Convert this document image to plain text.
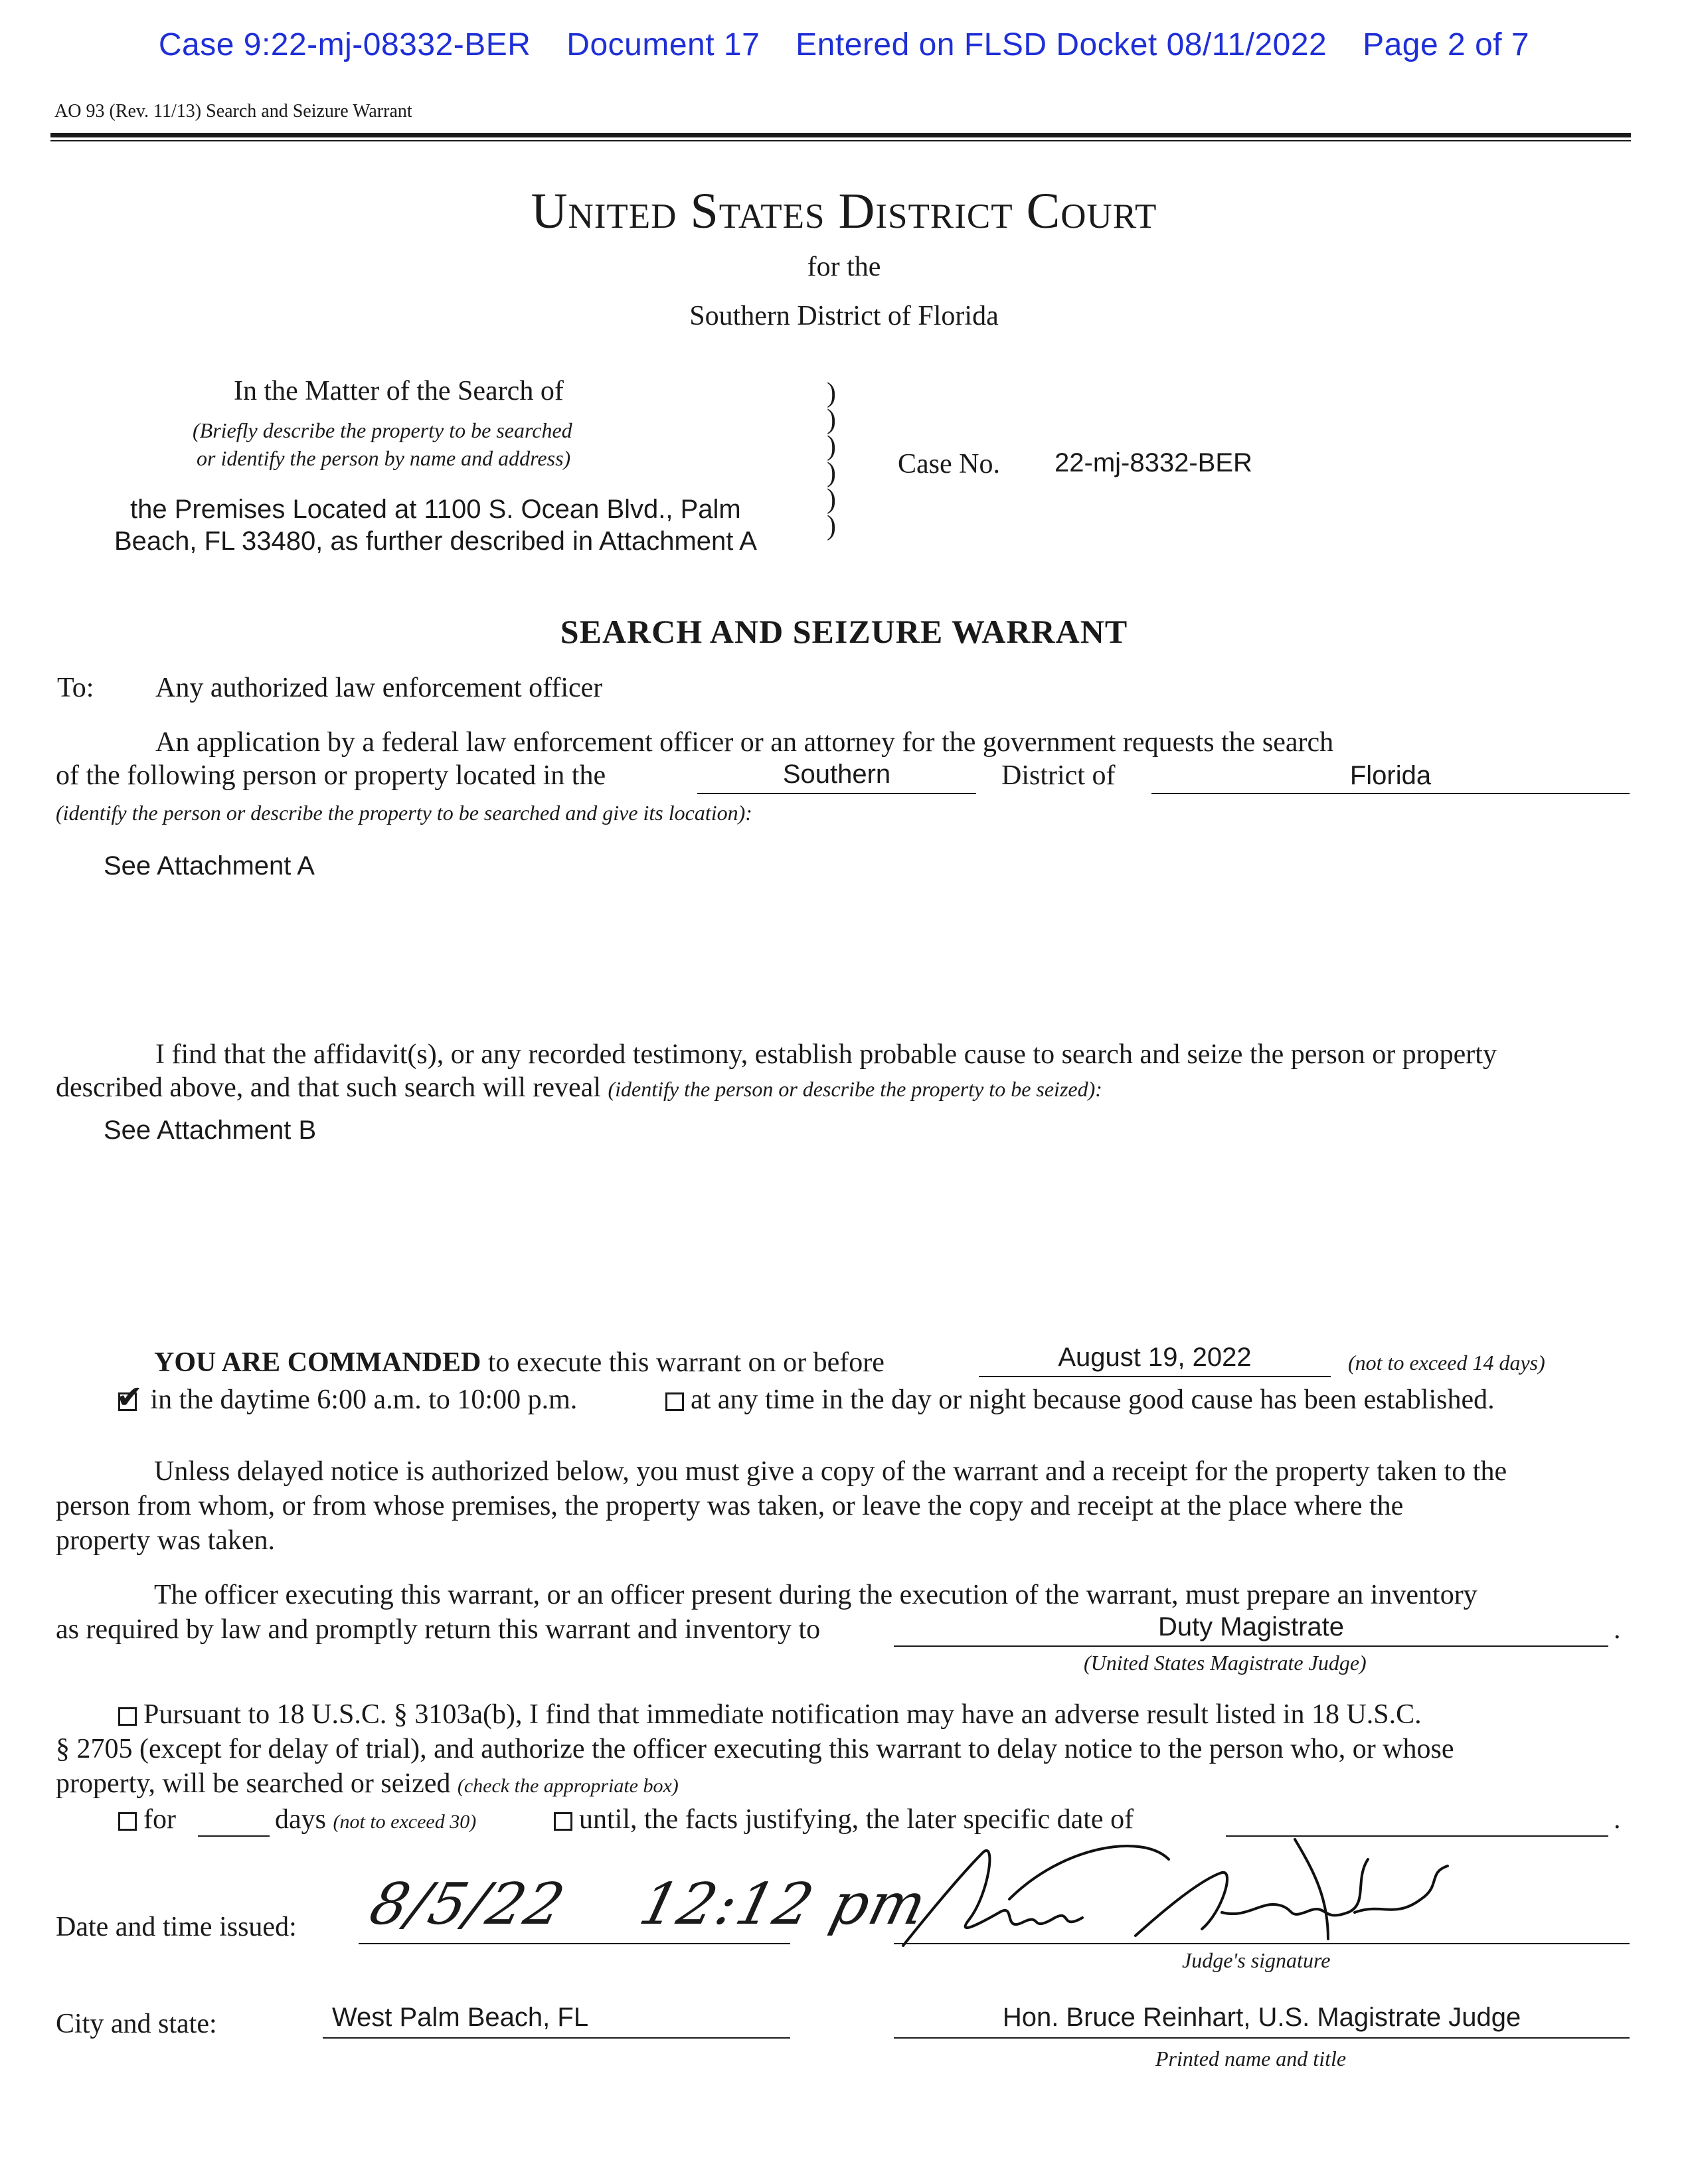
Case 9:22-mj-08332-BER Document 17 Entered on FLSD Docket 08/11/2022 Page 2 of 7
AO 93 (Rev. 11/13) Search and Seizure Warrant
United States District Court
for the
Southern District of Florida
In the Matter of the Search of
(Briefly describe the property to be searched
or identify the person by name and address)
the Premises Located at 1100 S. Ocean Blvd., Palm
Beach, FL 33480, as further described in Attachment A
)
)
)
)
)
)
Case No. 22-mj-8332-BER
SEARCH AND SEIZURE WARRANT
To: Any authorized law enforcement officer
An application by a federal law enforcement officer or an attorney for the government requests the search
of the following person or property located in the	Southern	District of	Florida
(identify the person or describe the property to be searched and give its location):
See Attachment A
I find that the affidavit(s), or any recorded testimony, establish probable cause to search and seize the person or property
described above, and that such search will reveal (identify the person or describe the property to be seized):
See Attachment B
YOU ARE COMMANDED to execute this warrant on or before	August 19, 2022	(not to exceed 14 days)
✔ in the daytime 6:00 a.m. to 10:00 p.m.	at any time in the day or night because good cause has been established.
Unless delayed notice is authorized below, you must give a copy of the warrant and a receipt for the property taken to the
person from whom, or from whose premises, the property was taken, or leave the copy and receipt at the place where the
property was taken.
The officer executing this warrant, or an officer present during the execution of the warrant, must prepare an inventory
as required by law and promptly return this warrant and inventory to	Duty Magistrate	.
(United States Magistrate Judge)
Pursuant to 18 U.S.C. § 3103a(b), I find that immediate notification may have an adverse result listed in 18 U.S.C.
§ 2705 (except for delay of trial), and authorize the officer executing this warrant to delay notice to the person who, or whose
property, will be searched or seized (check the appropriate box)
for	days (not to exceed 30)	until, the facts justifying, the later specific date of	.
Date and time issued: 8/5/22    12:12 pm
Judge's signature
City and state:	West Palm Beach, FL	Hon. Bruce Reinhart, U.S. Magistrate Judge
Printed name and title
